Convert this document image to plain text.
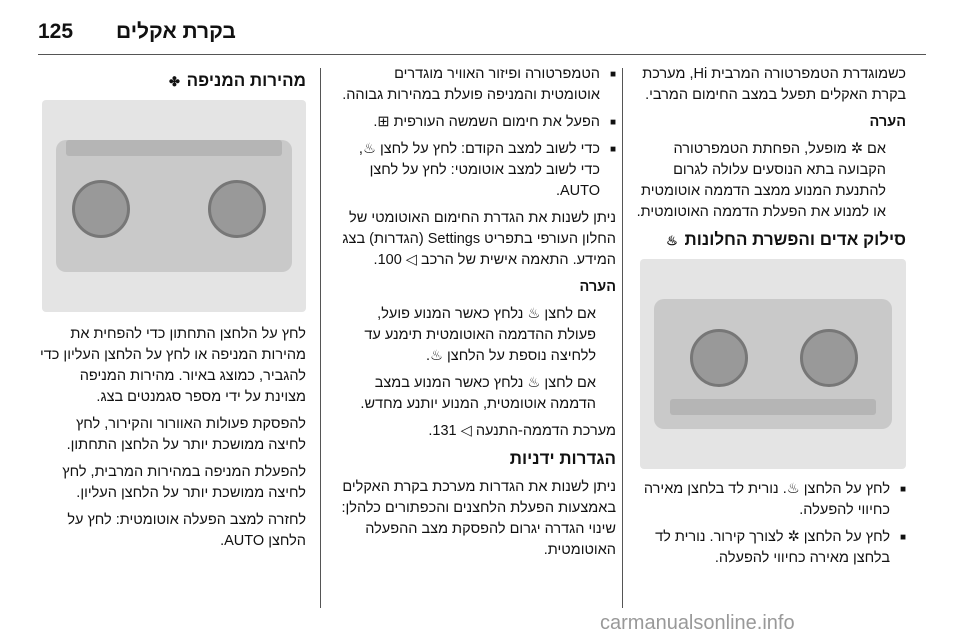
125 בקרת אקלים

כשמוגדרת הטמפרטורה המרבית Hi, מערכת בקרת האקלים תפעל במצב החימום המרבי.

הערה

אם ✲ מופעל, הפחתת הטמפרטורה הקבועה בתא הנוסעים עלולה לגרום להתנעת המנוע ממצב הדממה אוטומטית או למנוע את הפעלת הדממה האוטומטית.

סילוק אדים והפשרת החלונות ♨
■ לחץ על הלחצן ♨. נורית לד בלחצן מאירה כחיווי להפעלה.
■ לחץ על הלחצן ✲ לצורך קירור. נורית לד בלחצן מאירה כחיווי להפעלה.
■ הטמפרטורה ופיזור האוויר מוגדרים אוטומטית והמניפה פועלת במהירות גבוהה.
■ הפעל את חימום השמשה העורפית ⊞.
■ כדי לשוב למצב הקודם: לחץ על לחצן ♨, כדי לשוב למצב אוטומטי: לחץ על לחצן AUTO.

ניתן לשנות את הגדרת החימום האוטומטי של החלון העורפי בתפריט Settings (הגדרות) בצג המידע. התאמה אישית של הרכב ◁ 100.

הערה

אם לחצן ♨ נלחץ כאשר המנוע פועל, פעולת ההדממה האוטומטית תימנע עד ללחיצה נוספת על הלחצן ♨.

אם לחצן ♨ נלחץ כאשר המנוע במצב הדממה אוטומטית, המנוע יותנע מחדש.

מערכת הדממה-התנעה ◁ 131.

הגדרות ידניות

ניתן לשנות את הגדרות מערכת בקרת האקלים באמצעות הפעלת הלחצנים והכפתורים כלהלן: שינוי הגדרה יגרום להפסקת מצב ההפעלה האוטומטית.

מהירות המניפה ✤

לחץ על הלחצן התחתון כדי להפחית את מהירות המניפה או לחץ על הלחצן העליון כדי להגביר, כמוצג באיור. מהירות המניפה מצוינת על ידי מספר סגמנטים בצג.

להפסקת פעולות האוורור והקירור, לחץ לחיצה ממושכת יותר על הלחצן התחתון.

להפעלת המניפה במהירות המרבית, לחץ לחיצה ממושכת יותר על הלחצן העליון.

לחזרה למצב הפעלה אוטומטית: לחץ על הלחצן AUTO.

carmanualsonline.info
